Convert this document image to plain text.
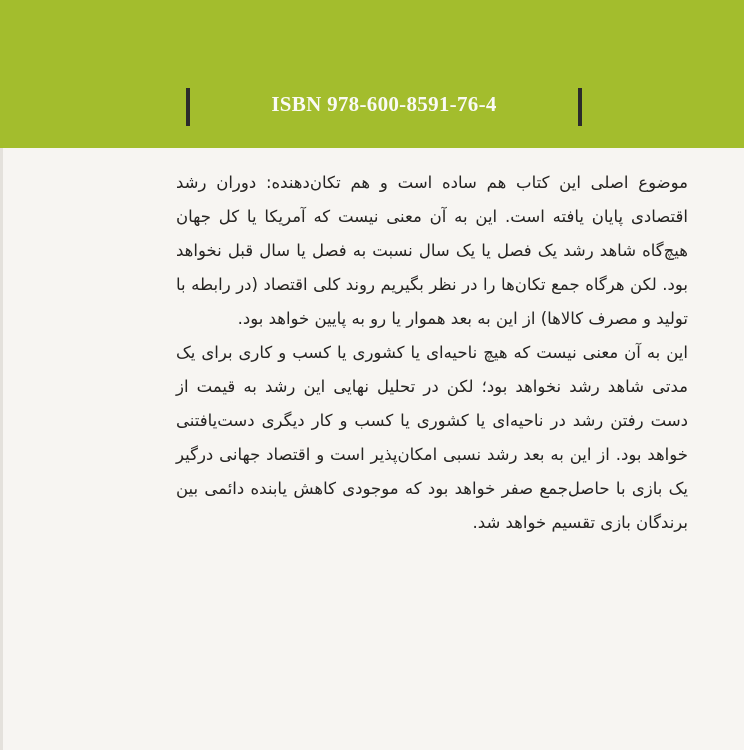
ISBN 978-600-8591-76-4

موضوع اصلی این کتاب هم ساده است و هم تکان‌دهنده: دوران رشد اقتصادی پایان یافته است. این به آن معنی نیست که آمریکا یا کل جهان هیچ‌گاه شاهد رشد یک فصل یا یک سال نسبت به فصل یا سال قبل نخواهد بود. لکن هرگاه جمع تکان‌ها را در نظر بگیریم روند کلی اقتصاد (در رابطه با تولید و مصرف کالاها) از این به بعد هموار یا رو به پایین خواهد بود.

این به آن معنی نیست که هیچ ناحیه‌ای یا کشوری یا کسب و کاری برای یک مدتی شاهد رشد نخواهد بود؛ لکن در تحلیل نهایی این رشد به قیمت از دست رفتن رشد در ناحیه‌ای یا کشوری یا کسب و کار دیگری دست‌یافتنی خواهد بود. از این به بعد رشد نسبی امکان‌پذیر است و اقتصاد جهانی درگیر یک بازی با حاصل‌جمع صفر خواهد بود که موجودی کاهش یابنده دائمی بین برندگان بازی تقسیم خواهد شد.
